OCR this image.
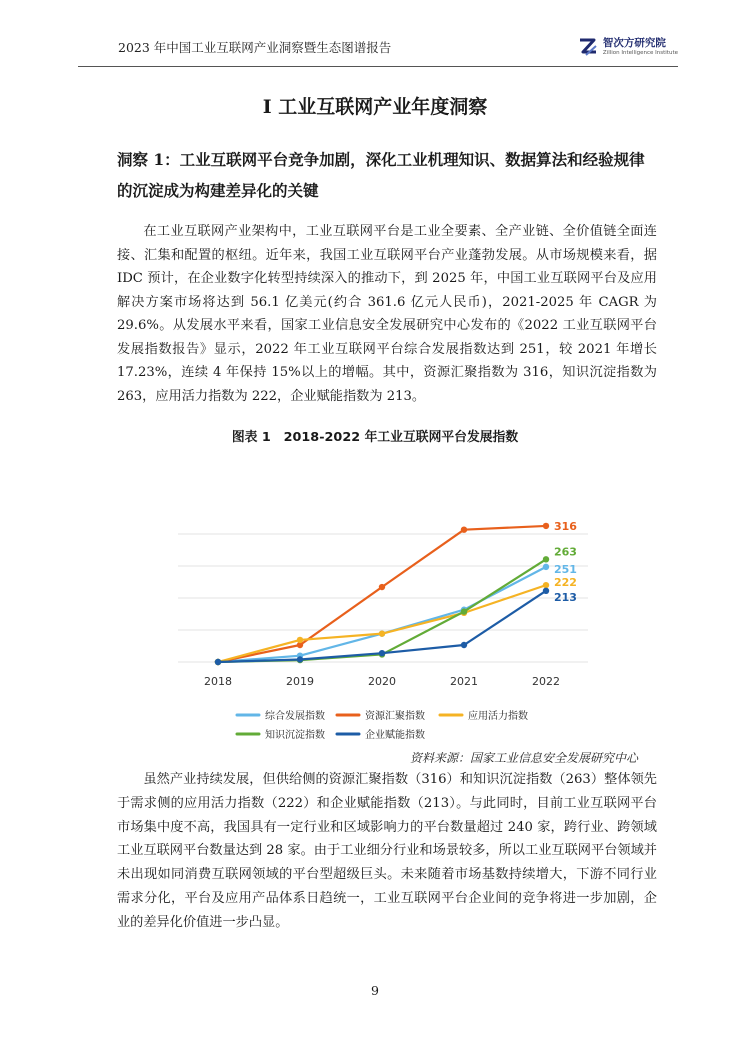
2023 年中国工业互联网产业洞察暨生态图谱报告	智次方研究院
Zillion Intelligence Institute
I 工业互联网产业年度洞察
洞察 1：工业互联网平台竞争加剧，深化工业机理知识、数据算法和经验规律的沉淀成为构建差异化的关键

在工业互联网产业架构中，工业互联网平台是工业全要素、全产业链、全价值链全面连接、汇集和配置的枢纽。近年来，我国工业互联网平台产业蓬勃发展。从市场规模来看，据 IDC 预计，在企业数字化转型持续深入的推动下，到 2025 年，中国工业互联网平台及应用解决方案市场将达到 56.1 亿美元(约合 361.6 亿元人民币)，2021-2025 年 CAGR 为 29.6%。从发展水平来看，国家工业信息安全发展研究中心发布的《2022 工业互联网平台发展指数报告》显示，2022 年工业互联网平台综合发展指数达到 251，较 2021 年增长 17.23%，连续 4 年保持 15%以上的增幅。其中，资源汇聚指数为 316，知识沉淀指数为 263，应用活力指数为 222，企业赋能指数为 213。

图表 1　2018-2022 年工业互联网平台发展指数
251
316
222
263
213
2018	2019	2020	2021	2022
综合发展指数	资源汇聚指数	应用活力指数
知识沉淀指数	企业赋能指数
资料来源：国家工业信息安全发展研究中心

虽然产业持续发展，但供给侧的资源汇聚指数（316）和知识沉淀指数（263）整体领先于需求侧的应用活力指数（222）和企业赋能指数（213）。与此同时，目前工业互联网平台市场集中度不高，我国具有一定行业和区域影响力的平台数量超过 240 家，跨行业、跨领域工业互联网平台数量达到 28 家。由于工业细分行业和场景较多，所以工业互联网平台领域并未出现如同消费互联网领域的平台型超级巨头。未来随着市场基数持续增大，下游不同行业需求分化，平台及应用产品体系日趋统一，工业互联网平台企业间的竞争将进一步加剧，企业的差异化价值进一步凸显。

9
